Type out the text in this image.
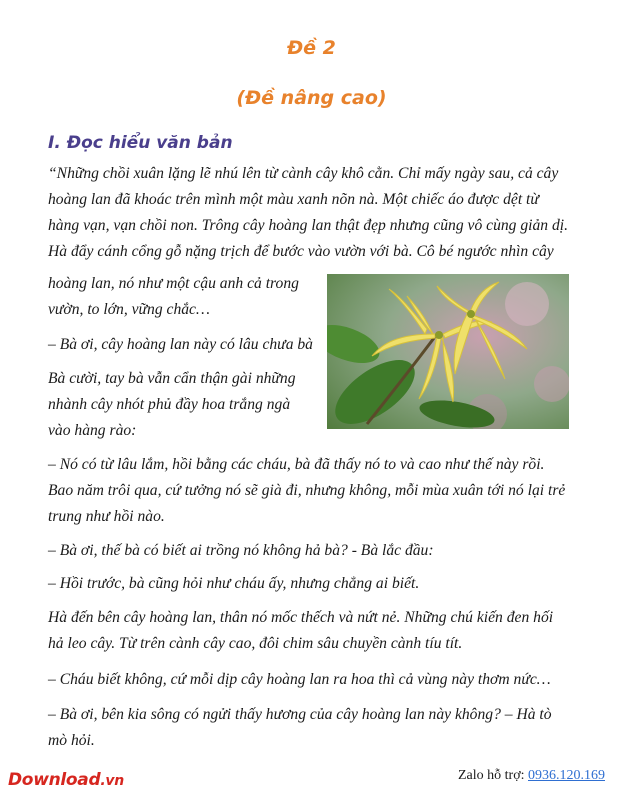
Đề 2
(Đề nâng cao)
I. Đọc hiểu văn bản
“Những chồi xuân lặng lẽ nhú lên từ cành cây khô cằn. Chỉ mấy ngày sau, cả cây
hoàng lan đã khoác trên mình một màu xanh nõn nà. Một chiếc áo được dệt từ
hàng vạn, vạn chồi non. Trông cây hoàng lan thật đẹp nhưng cũng vô cùng giản dị.
Hà đẩy cánh cổng gỗ nặng trịch để bước vào vườn với bà. Cô bé ngước nhìn cây
hoàng lan, nó như một cậu anh cả trong
vườn, to lớn, vững chắc…
– Bà ơi, cây hoàng lan này có lâu chưa bà
Bà cười, tay bà vẫn cẩn thận gài những
nhành cây nhót phủ đầy hoa trắng ngà
vào hàng rào:
– Nó có từ lâu lắm, hồi bằng các cháu, bà đã thấy nó to và cao như thế này rồi.
Bao năm trôi qua, cứ tưởng nó sẽ già đi, nhưng không, mỗi mùa xuân tới nó lại trẻ
trung như hồi nào.
– Bà ơi, thế bà có biết ai trồng nó không hả bà? - Bà lắc đầu:
– Hồi trước, bà cũng hỏi như cháu ấy, nhưng chẳng ai biết.
Hà đến bên cây hoàng lan, thân nó mốc thếch và nứt nẻ. Những chú kiến đen hối
hả leo cây. Từ trên cành cây cao, đôi chim sâu chuyền cành tíu tít.
– Cháu biết không, cứ mỗi dịp cây hoàng lan ra hoa thì cả vùng này thơm nức…
– Bà ơi, bên kia sông có ngửi thấy hương của cây hoàng lan này không? – Hà tò
mò hỏi.
Download.vn	Zalo hỗ trợ: 0936.120.169
